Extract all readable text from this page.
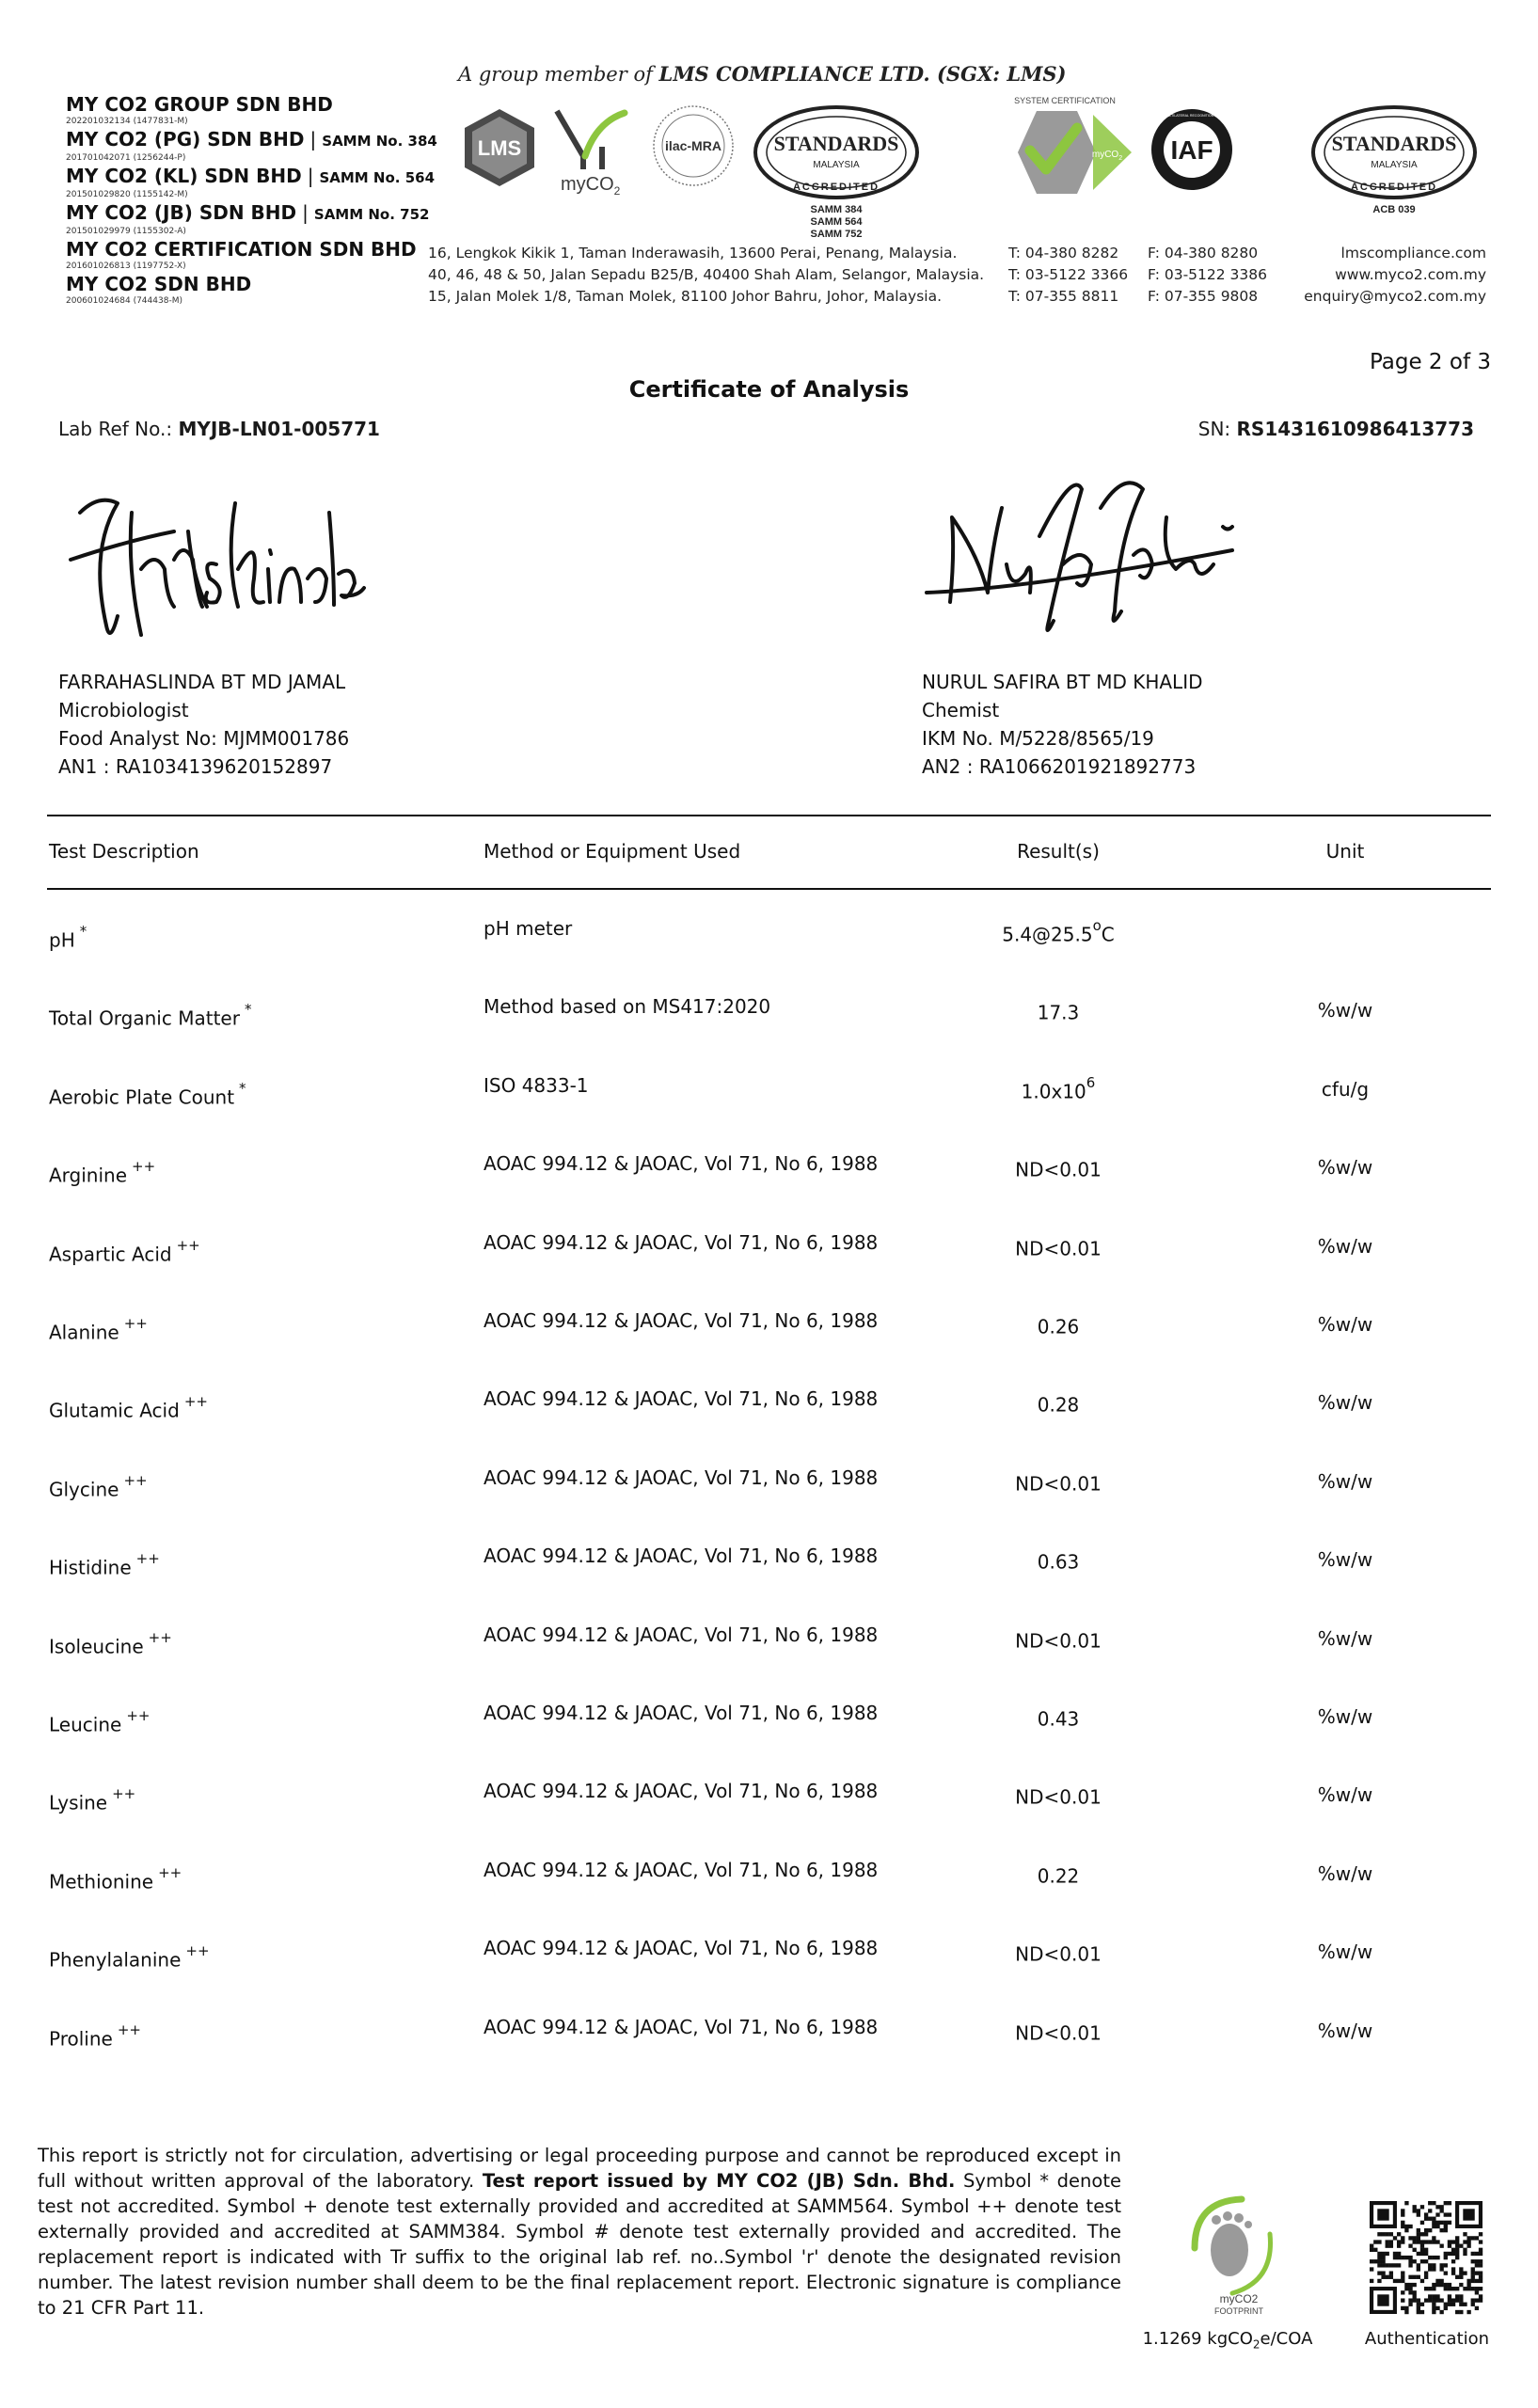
MY CO2 GROUP SDN BHD
202201032134 (1477831-M)
MY CO2 (PG) SDN BHD | SAMM No. 384
201701042071 (1256244-P)
MY CO2 (KL) SDN BHD | SAMM No. 564
201501029820 (1155142-M)
MY CO2 (JB) SDN BHD | SAMM No. 752
201501029979 (1155302-A)
MY CO2 CERTIFICATION SDN BHD
201601026813 (1197752-X)
MY CO2 SDN BHD
200601024684 (744438-M)
A group member of LMS COMPLIANCE LTD. (SGX: LMS)
LMS
myCO$_2$
ilac-MRA	STANDARDS
MALAYSIA
ACCREDITED
SAMM 384
SAMM 564
SAMM 752
SYSTEM CERTIFICATION
myCO$_2$ IAF
MEMBER OF MULTILATERAL RECOGNITION ARRANGEMENT
STANDARDS
MALAYSIA
ACCREDITED
ACB 039
16, Lengkok Kikik 1, Taman Inderawasih, 13600 Perai, Penang, Malaysia.
40, 46, 48 & 50, Jalan Sepadu B25/B, 40400 Shah Alam, Selangor, Malaysia.
15, Jalan Molek 1/8, Taman Molek, 81100 Johor Bahru, Johor, Malaysia.
T: 04-380 8282
T: 03-5122 3366
T: 07-355 8811
F: 04-380 8280
F: 03-5122 3386
F: 07-355 9808
lmscompliance.com
www.myco2.com.my
enquiry@myco2.com.my
Page 2 of 3
Certificate of Analysis
Lab Ref No.: MYJB-LN01-005771	SN: RS1431610986413773
FARRAHASLINDA BT MD JAMAL
Microbiologist
Food Analyst No: MJMM001786
AN1 : RA1034139620152897
NURUL SAFIRA BT MD KHALID
Chemist
IKM No. M/5228/8565/19
AN2 : RA1066201921892773
Test Description	Method or Equipment Used	Result(s)	Unit
pH *	pH meter	5.4@25.5$^o$C
Total Organic Matter *	Method based on MS417:2020	17.3	%w/w
Aerobic Plate Count *	ISO 4833-1	$1.0x10^6$	cfu/g
Arginine ++	AOAC 994.12 & JAOAC, Vol 71, No 6, 1988	ND<0.01	%w/w
Aspartic Acid ++	AOAC 994.12 & JAOAC, Vol 71, No 6, 1988	ND<0.01	%w/w
Alanine ++	AOAC 994.12 & JAOAC, Vol 71, No 6, 1988	0.26	%w/w
Glutamic Acid ++	AOAC 994.12 & JAOAC, Vol 71, No 6, 1988	0.28	%w/w
Glycine ++	AOAC 994.12 & JAOAC, Vol 71, No 6, 1988	ND<0.01	%w/w
Histidine ++	AOAC 994.12 & JAOAC, Vol 71, No 6, 1988	0.63	%w/w
Isoleucine ++	AOAC 994.12 & JAOAC, Vol 71, No 6, 1988	ND<0.01	%w/w
Leucine ++	AOAC 994.12 & JAOAC, Vol 71, No 6, 1988	0.43	%w/w
Lysine ++	AOAC 994.12 & JAOAC, Vol 71, No 6, 1988	ND<0.01	%w/w
Methionine ++	AOAC 994.12 & JAOAC, Vol 71, No 6, 1988	0.22	%w/w
Phenylalanine ++	AOAC 994.12 & JAOAC, Vol 71, No 6, 1988	ND<0.01	%w/w
Proline ++	AOAC 994.12 & JAOAC, Vol 71, No 6, 1988	ND<0.01	%w/w
This report is strictly not for circulation, advertising or legal proceeding purpose and cannot be reproduced except in full without written approval of the laboratory. Test report issued by MY CO2 (JB) Sdn. Bhd. Symbol * denote test not accredited. Symbol + denote test externally provided and accredited at SAMM564. Symbol ++ denote test externally provided and accredited at SAMM384. Symbol # denote test externally provided and accredited. The replacement report is indicated with Tr suffix to the original lab ref. no..Symbol 'r' denote the designated revision number. The latest revision number shall deem to be the final replacement report. Electronic signature is compliance to 21 CFR Part 11.	myCO2
FOOTPRINT
1.1269 kgCO$_2$e/COA	Authentication
